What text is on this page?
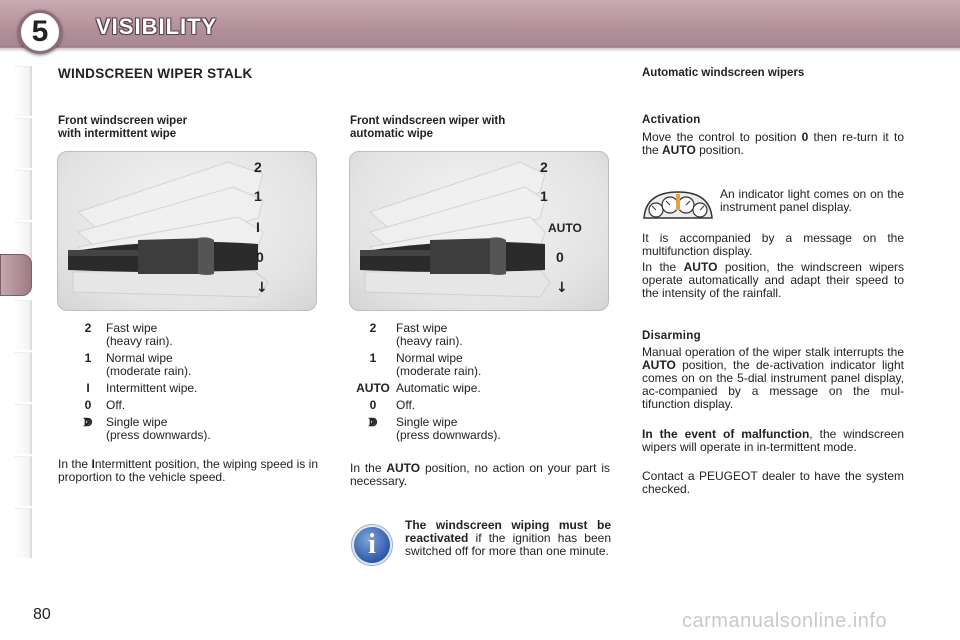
5	VISIBILITY
WINDSCREEN WIPER STALK
Front windscreen wiper
with intermittent wipe
2
1
I
0
↓
2	Fast wipe
(heavy rain).
1	Normal wipe
(moderate rain).
I	Intermittent wipe.
0	Off.
ↇ	Single wipe
(press downwards).
In the Intermittent position, the wiping speed is in proportion to the vehicle speed.
Front windscreen wiper with
automatic wipe
2
1
AUTO
0
↓
2	Fast wipe
(heavy rain).
1	Normal wipe
(moderate rain).
AUTO Automatic wipe.
0	Off.
ↇ	Single wipe
(press downwards).
In the AUTO position, no action on your part is necessary.
i
The windscreen wiping must be reactivated if the ignition has been switched off for more than one minute.
Automatic windscreen wipers
Activation
Move the control to position 0 then re-turn it to the AUTO position.
An indicator light comes on on the instrument panel display.
It is accompanied by a message on the multifunction display.
In the AUTO position, the windscreen wipers operate automatically and adapt their speed to the intensity of the rainfall.
Disarming
Manual operation of the wiper stalk interrupts the AUTO position, the de-activation indicator light comes on on the 5-dial instrument panel display, ac-companied by a message on the mul-tifunction display.
In the event of malfunction, the windscreen wipers will operate in in-termittent mode.
Contact a PEUGEOT dealer to have the system checked.
80	carmanualsonline.info
